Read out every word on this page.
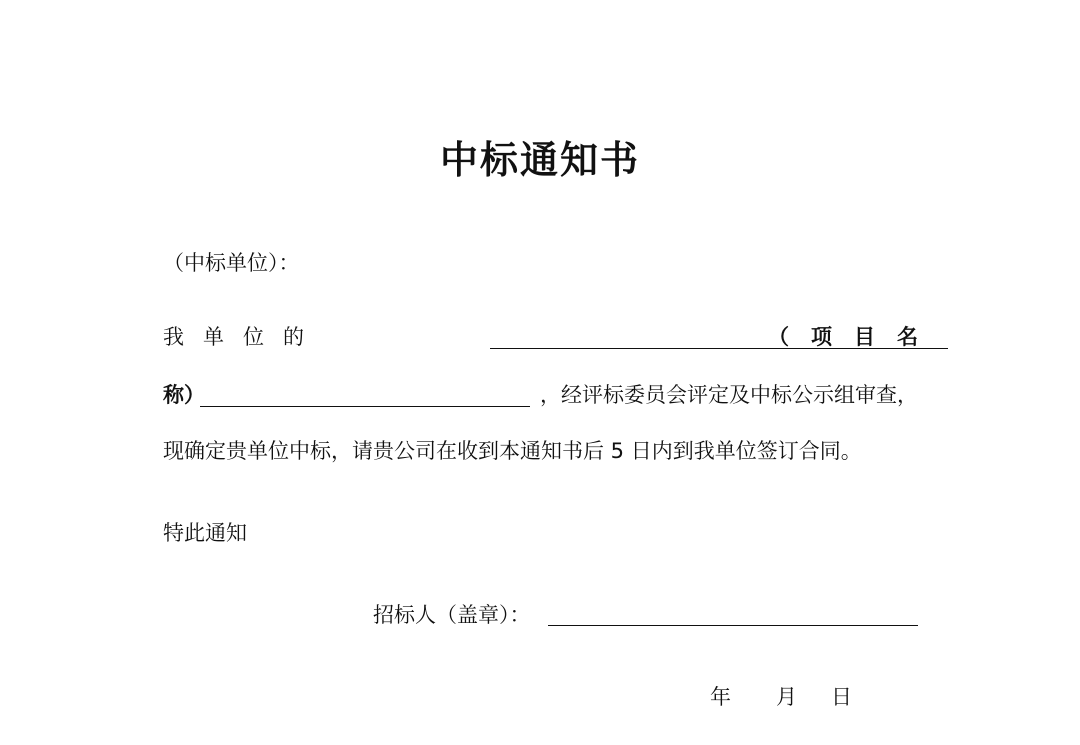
中标通知书
（中标单位）：
我单位的	（项目名
称）	，经评标委员会评定及中标公示组审查，
现确定贵单位中标，请贵公司在收到本通知书后 5 日内到我单位签订合同。
特此通知
招标人（盖章）：
年 月 日
